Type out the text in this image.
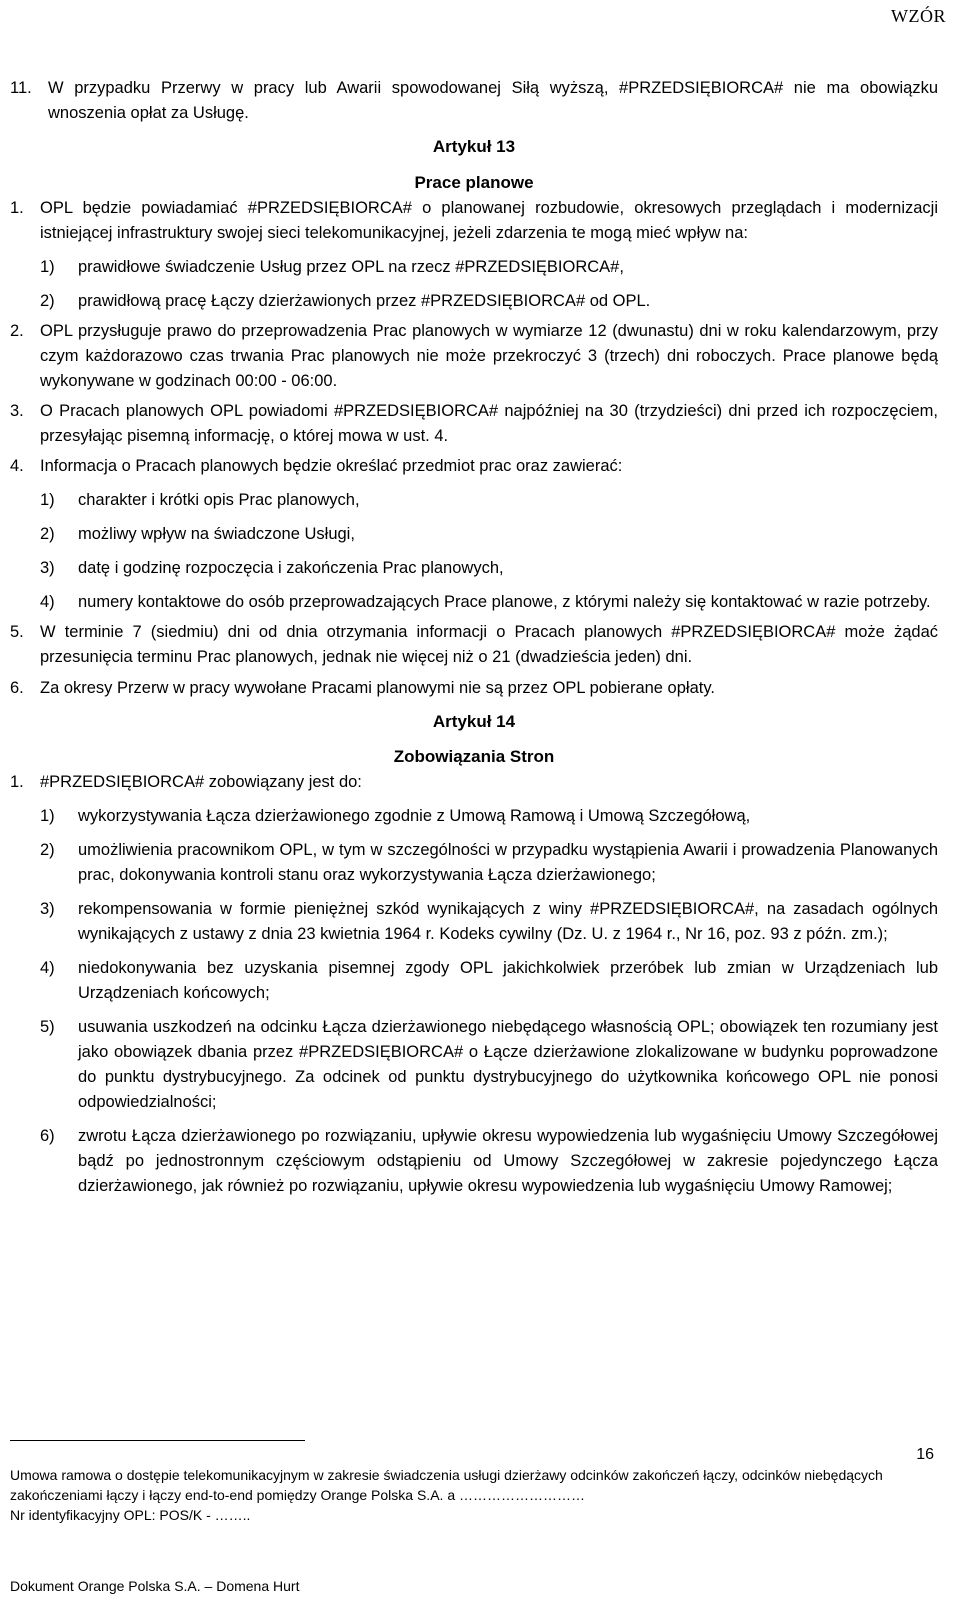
WZÓR

11. W przypadku Przerwy w pracy lub Awarii spowodowanej Siłą wyższą, #PRZEDSIĘBIORCA# nie ma obowiązku wnoszenia opłat za Usługę.

Artykuł 13

Prace planowe

1. OPL będzie powiadamiać #PRZEDSIĘBIORCA# o planowanej rozbudowie, okresowych przeglądach i modernizacji istniejącej infrastruktury swojej sieci telekomunikacyjnej, jeżeli zdarzenia te mogą mieć wpływ na:

1)	prawidłowe świadczenie Usług przez OPL na rzecz #PRZEDSIĘBIORCA#,

2)	prawidłową pracę Łączy dzierżawionych przez #PRZEDSIĘBIORCA# od OPL.

2. OPL przysługuje prawo do przeprowadzenia Prac planowych w wymiarze 12 (dwunastu) dni w roku kalendarzowym, przy czym każdorazowo czas trwania Prac planowych nie może przekroczyć 3 (trzech) dni roboczych. Prace planowe będą wykonywane w godzinach 00:00 - 06:00.

3. O Pracach planowych OPL powiadomi #PRZEDSIĘBIORCA# najpóźniej na 30 (trzydzieści) dni przed ich rozpoczęciem, przesyłając pisemną informację, o której mowa w ust. 4.

4. Informacja o Pracach planowych będzie określać przedmiot prac oraz zawierać:

1)	charakter i krótki opis Prac planowych,

2)	możliwy wpływ na świadczone Usługi,

3)	datę i godzinę rozpoczęcia i zakończenia Prac planowych,

4)	numery kontaktowe do osób przeprowadzających Prace planowe, z którymi należy się kontaktować w razie potrzeby.

5. W terminie 7 (siedmiu) dni od dnia otrzymania informacji o Pracach planowych #PRZEDSIĘBIORCA# może żądać przesunięcia terminu Prac planowych, jednak nie więcej niż o 21 (dwadzieścia jeden) dni.

6. Za okresy Przerw w pracy wywołane Pracami planowymi nie są przez OPL pobierane opłaty.

Artykuł 14

Zobowiązania Stron

1. #PRZEDSIĘBIORCA# zobowiązany jest do:

1)	wykorzystywania Łącza dzierżawionego zgodnie z Umową Ramową i Umową Szczegółową,

2)	umożliwienia pracownikom OPL, w tym w szczególności w przypadku wystąpienia Awarii i prowadzenia Planowanych prac, dokonywania kontroli stanu oraz wykorzystywania Łącza dzierżawionego;

3)	rekompensowania w formie pieniężnej szkód wynikających z winy #PRZEDSIĘBIORCA#, na zasadach ogólnych wynikających z ustawy z dnia 23 kwietnia 1964 r. Kodeks cywilny (Dz. U. z 1964 r., Nr 16, poz. 93 z późn. zm.);

4)	niedokonywania bez uzyskania pisemnej zgody OPL jakichkolwiek przeróbek lub zmian w Urządzeniach lub Urządzeniach końcowych;

5)	usuwania uszkodzeń na odcinku Łącza dzierżawionego niebędącego własnością OPL; obowiązek ten rozumiany jest jako obowiązek dbania przez #PRZEDSIĘBIORCA# o Łącze dzierżawione zlokalizowane w budynku poprowadzone do punktu dystrybucyjnego. Za odcinek od punktu dystrybucyjnego do użytkownika końcowego OPL nie ponosi odpowiedzialności;

6)	zwrotu Łącza dzierżawionego po rozwiązaniu, upływie okresu wypowiedzenia lub wygaśnięciu Umowy Szczegółowej bądź po jednostronnym częściowym odstąpieniu od Umowy Szczegółowej w zakresie pojedynczego Łącza dzierżawionego, jak również po rozwiązaniu, upływie okresu wypowiedzenia lub wygaśnięciu Umowy Ramowej;

16

Umowa ramowa o dostępie telekomunikacyjnym w zakresie świadczenia usługi dzierżawy odcinków zakończeń łączy, odcinków niebędących zakończeniami łączy i łączy end-to-end pomiędzy Orange Polska S.A. a ………………………

Nr identyfikacyjny OPL: POS/K - ……..

Dokument Orange Polska S.A. – Domena Hurt
